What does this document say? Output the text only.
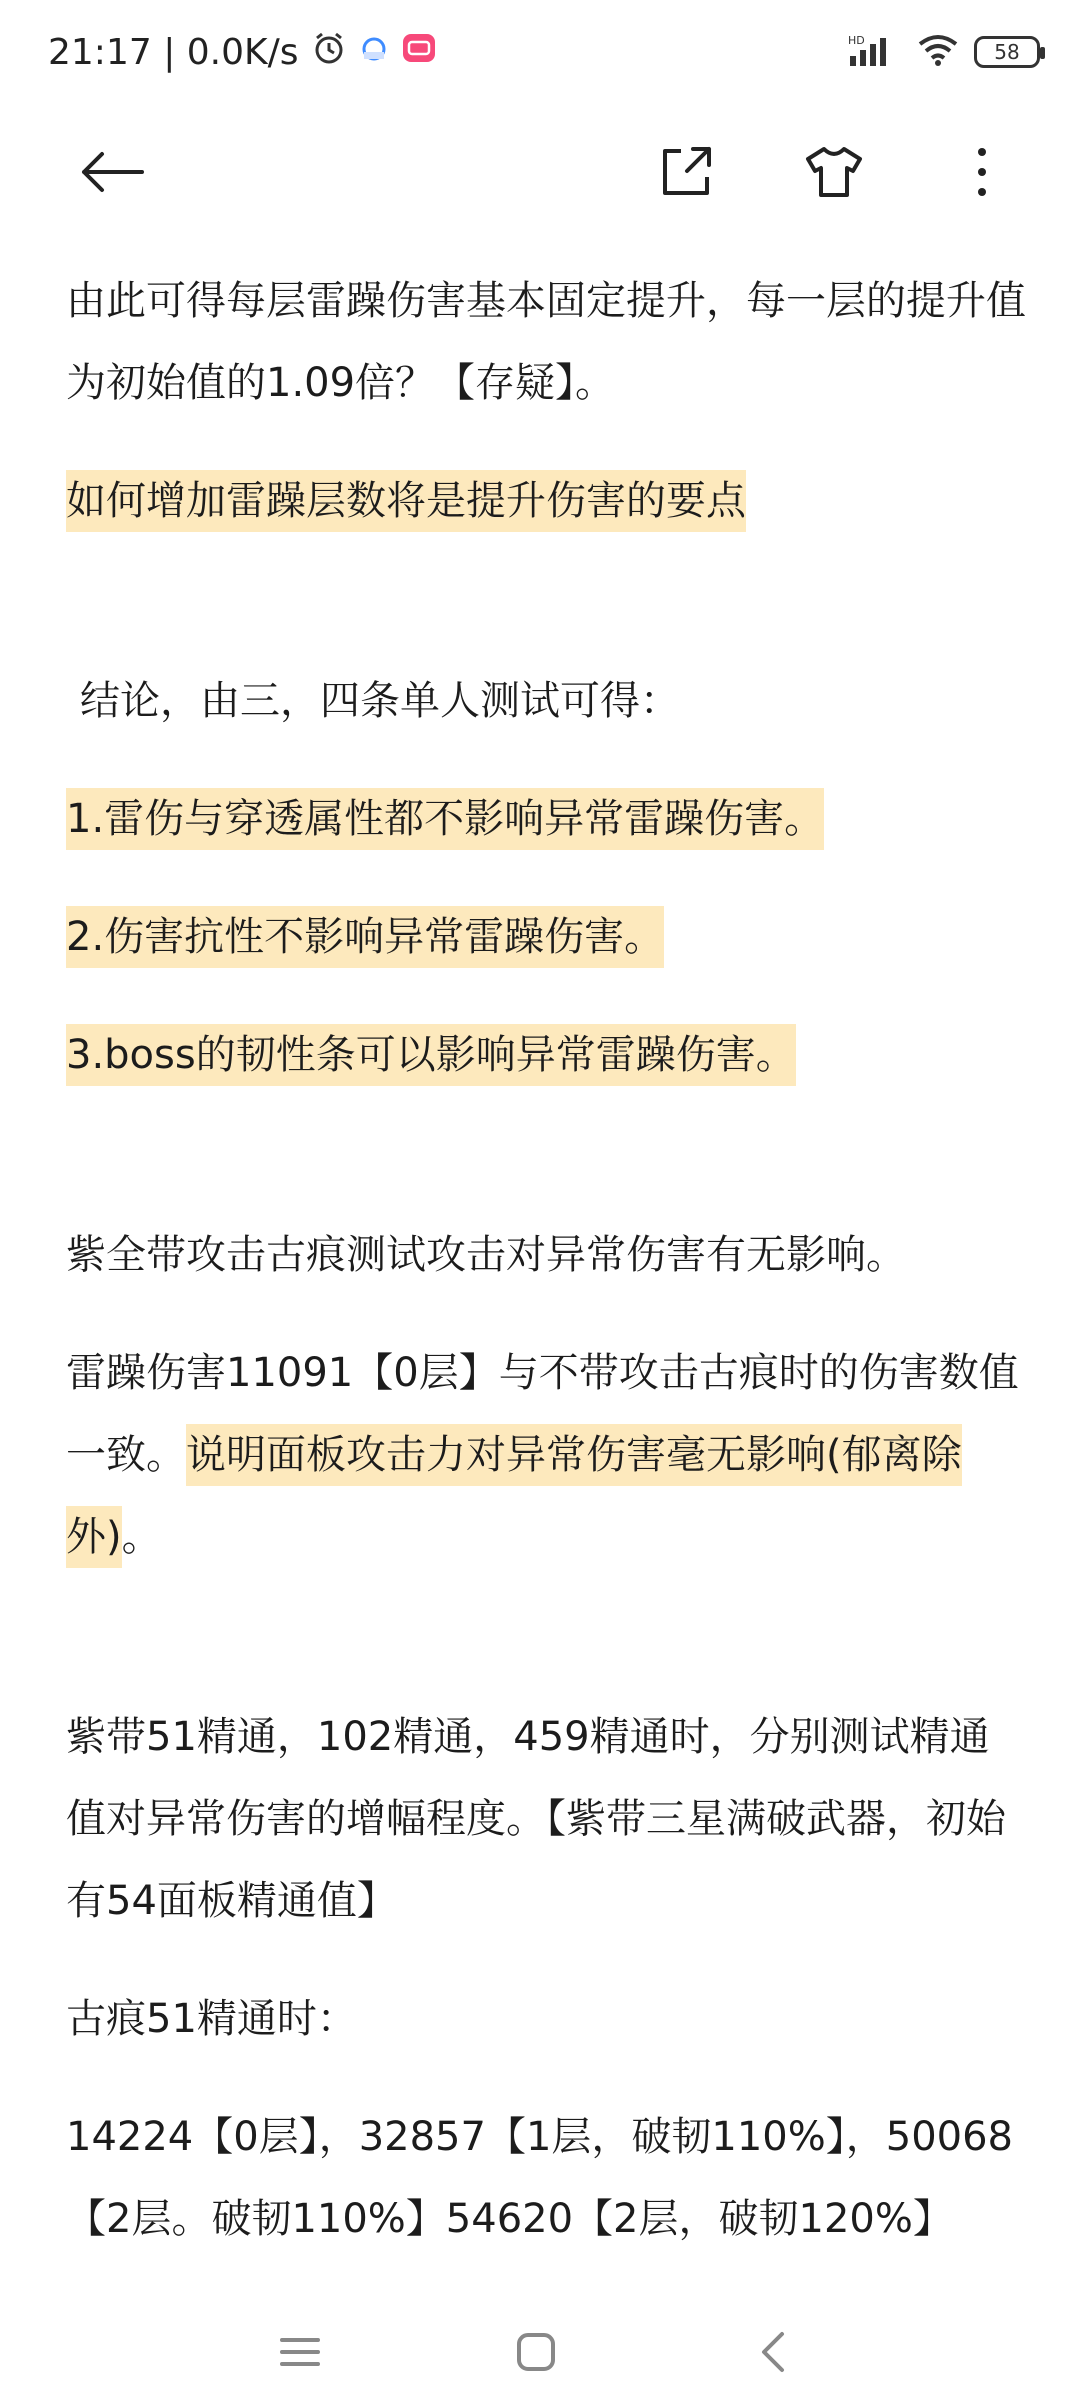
21:17 | 0.0K/s	HD	58

由此可得每层雷躁伤害基本固定提升，每一层的提升值为初始值的1.09倍？【存疑】。

如何增加雷躁层数将是提升伤害的要点

结论，由三，四条单人测试可得：

1.雷伤与穿透属性都不影响异常雷躁伤害。

2.伤害抗性不影响异常雷躁伤害。

3.boss的韧性条可以影响异常雷躁伤害。

紫全带攻击古痕测试攻击对异常伤害有无影响。

雷躁伤害11091【0层】与不带攻击古痕时的伤害数值一致。说明面板攻击力对异常伤害毫无影响(郁离除外)。

紫带51精通，102精通，459精通时，分别测试精通值对异常伤害的增幅程度。【紫带三星满破武器，初始有54面板精通值】

古痕51精通时：

14224【0层】，32857【1层，破韧110%】，50068【2层。破韧110%】54620【2层，破韧120%】
